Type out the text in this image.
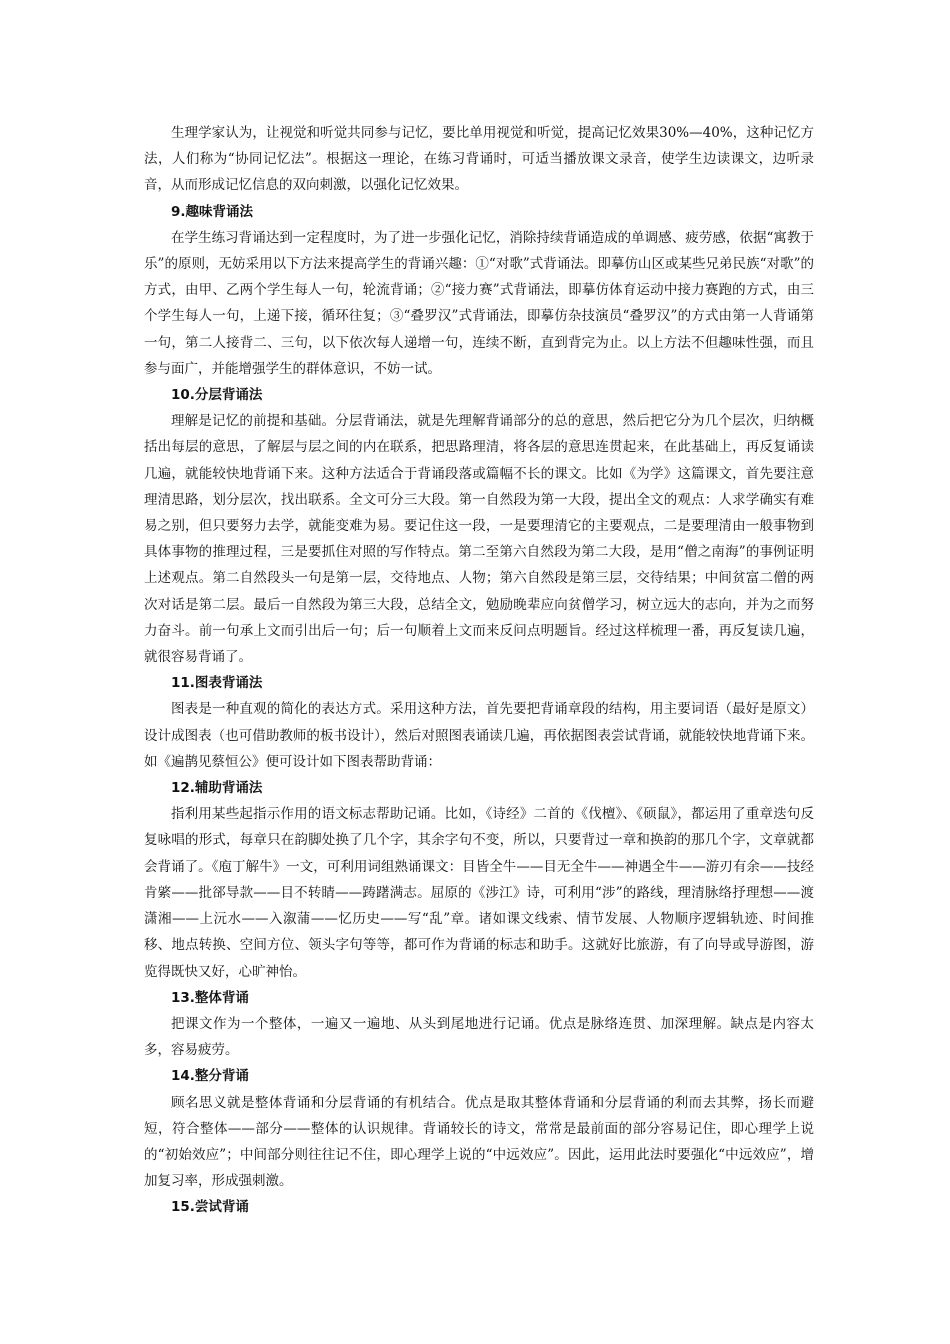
生理学家认为，让视觉和听觉共同参与记忆，要比单用视觉和听觉，提高记忆效果30%—40%，这种记忆方法，人们称为“协同记忆法”。根据这一理论，在练习背诵时，可适当播放课文录音，使学生边读课文，边听录音，从而形成记忆信息的双向刺激，以强化记忆效果。

9.趣味背诵法

在学生练习背诵达到一定程度时，为了进一步强化记忆，消除持续背诵造成的单调感、疲劳感，依据“寓教于乐”的原则，无妨采用以下方法来提高学生的背诵兴趣：①“对歌”式背诵法。即摹仿山区或某些兄弟民族“对歌”的方式，由甲、乙两个学生每人一句，轮流背诵；②“接力赛”式背诵法，即摹仿体育运动中接力赛跑的方式，由三个学生每人一句，上递下接，循环往复；③“叠罗汉”式背诵法，即摹仿杂技演员“叠罗汉”的方式由第一人背诵第一句，第二人接背二、三句，以下依次每人递增一句，连续不断，直到背完为止。以上方法不但趣味性强，而且参与面广，并能增强学生的群体意识，不妨一试。

10.分层背诵法

理解是记忆的前提和基础。分层背诵法，就是先理解背诵部分的总的意思，然后把它分为几个层次，归纳概括出每层的意思，了解层与层之间的内在联系，把思路理清，将各层的意思连贯起来，在此基础上，再反复诵读几遍，就能较快地背诵下来。这种方法适合于背诵段落或篇幅不长的课文。比如《为学》这篇课文，首先要注意理清思路，划分层次，找出联系。全文可分三大段。第一自然段为第一大段，提出全文的观点：人求学确实有难易之别，但只要努力去学，就能变难为易。要记住这一段，一是要理清它的主要观点，二是要理清由一般事物到具体事物的推理过程，三是要抓住对照的写作特点。第二至第六自然段为第二大段，是用“僧之南海”的事例证明上述观点。第二自然段头一句是第一层，交待地点、人物；第六自然段是第三层，交待结果；中间贫富二僧的两次对话是第二层。最后一自然段为第三大段，总结全文，勉励晚辈应向贫僧学习，树立远大的志向，并为之而努力奋斗。前一句承上文而引出后一句；后一句顺着上文而来反问点明题旨。经过这样梳理一番，再反复读几遍，就很容易背诵了。

11.图表背诵法

图表是一种直观的简化的表达方式。采用这种方法，首先要把背诵章段的结构，用主要词语（最好是原文）设计成图表（也可借助教师的板书设计），然后对照图表诵读几遍，再依据图表尝试背诵，就能较快地背诵下来。如《遍鹊见蔡恒公》便可设计如下图表帮助背诵：

12.辅助背诵法

指利用某些起指示作用的语文标志帮助记诵。比如，《诗经》二首的《伐檀》、《硕鼠》，都运用了重章迭句反复咏唱的形式，每章只在韵脚处换了几个字，其余字句不变，所以，只要背过一章和换韵的那几个字，文章就都会背诵了。《庖丁解牛》一文，可利用词组熟诵课文：目皆全牛——目无全牛——神遇全牛——游刃有余——技经肯綮——批郤导款——目不转睛——踌躇满志。屈原的《涉江》诗，可利用“涉”的路线，理清脉络抒理想——渡潇湘——上沅水——入溆蒲——忆历史——写“乱”章。诸如课文线索、情节发展、人物顺序逻辑轨迹、时间推移、地点转换、空间方位、领头字句等等，都可作为背诵的标志和助手。这就好比旅游，有了向导或导游图，游览得既快又好，心旷神怡。

13.整体背诵

把课文作为一个整体，一遍又一遍地、从头到尾地进行记诵。优点是脉络连贯、加深理解。缺点是内容太多，容易疲劳。

14.整分背诵

顾名思义就是整体背诵和分层背诵的有机结合。优点是取其整体背诵和分层背诵的利而去其弊，扬长而避短，符合整体——部分——整体的认识规律。背诵较长的诗文，常常是最前面的部分容易记住，即心理学上说的“初始效应”；中间部分则往往记不住，即心理学上说的“中远效应”。因此，运用此法时要强化“中远效应”，增加复习率，形成强刺激。

15.尝试背诵
